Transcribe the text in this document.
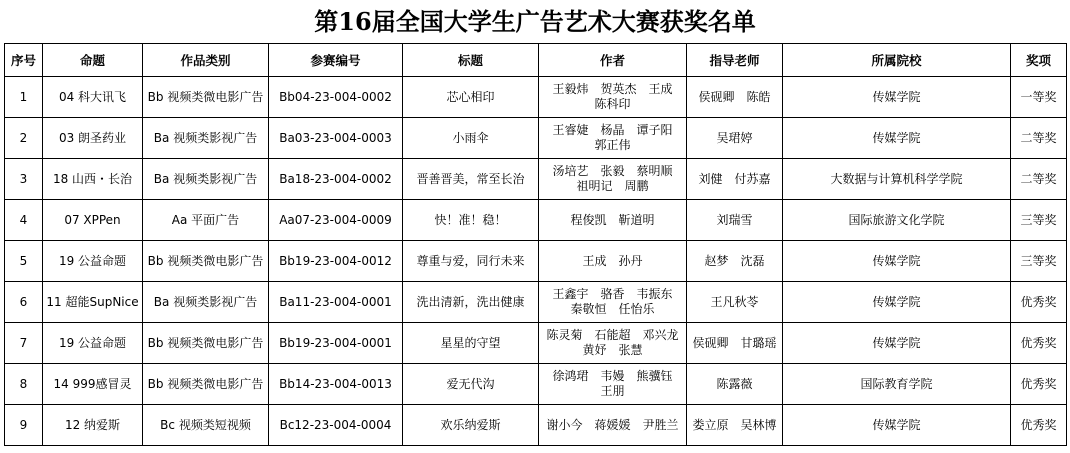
第16届全国大学生广告艺术大赛获奖名单
序号	命题	作品类别	参赛编号	标题	作者	指导老师	所属院校	奖项
1	04 科大讯飞	Bb 视频类微电影广告	Bb04-23-004-0002	芯心相印	王毅炜　贺英杰　王成　陈科印	侯砚卿　陈皓	传媒学院	一等奖
2	03 朗圣药业	Ba 视频类影视广告	Ba03-23-004-0003	小雨伞	王睿婕　杨晶　谭子阳　郭正伟	吴珺婷	传媒学院	二等奖
3	18 山西・长治	Ba 视频类影视广告	Ba18-23-004-0002	晋善晋美，常至长治	汤培艺　张毅　蔡明顺　祖明记　周鹏	刘健　付苏嘉	大数据与计算机科学学院	二等奖
4	07 XPPen	Aa 平面广告	Aa07-23-004-0009	快！准！稳！	程俊凯　靳道明	刘瑞雪	国际旅游文化学院	三等奖
5	19 公益命题	Bb 视频类微电影广告	Bb19-23-004-0012	尊重与爱，同行未来	王成　孙丹	赵梦　沈磊	传媒学院	三等奖
6	11 超能SupNice	Ba 视频类影视广告	Ba11-23-004-0001	洗出清新，洗出健康	王鑫宇　骆香　韦振东　秦敬恒　任怡乐	王凡秋苓	传媒学院	优秀奖
7	19 公益命题	Bb 视频类微电影广告	Bb19-23-004-0001	星星的守望	陈灵菊　石能超　邓兴龙　黄妤　张慧	侯砚卿　甘璐瑶	传媒学院	优秀奖
8	14 999感冒灵	Bb 视频类微电影广告	Bb14-23-004-0013	爱无代沟	徐鸿珺　韦嫚　熊骥钰　王朋	陈露薇	国际教育学院	优秀奖
9	12 纳爱斯	Bc 视频类短视频	Bc12-23-004-0004	欢乐纳爱斯	谢小今　蒋媛媛　尹胜兰	娄立原　吴林博	传媒学院	优秀奖
